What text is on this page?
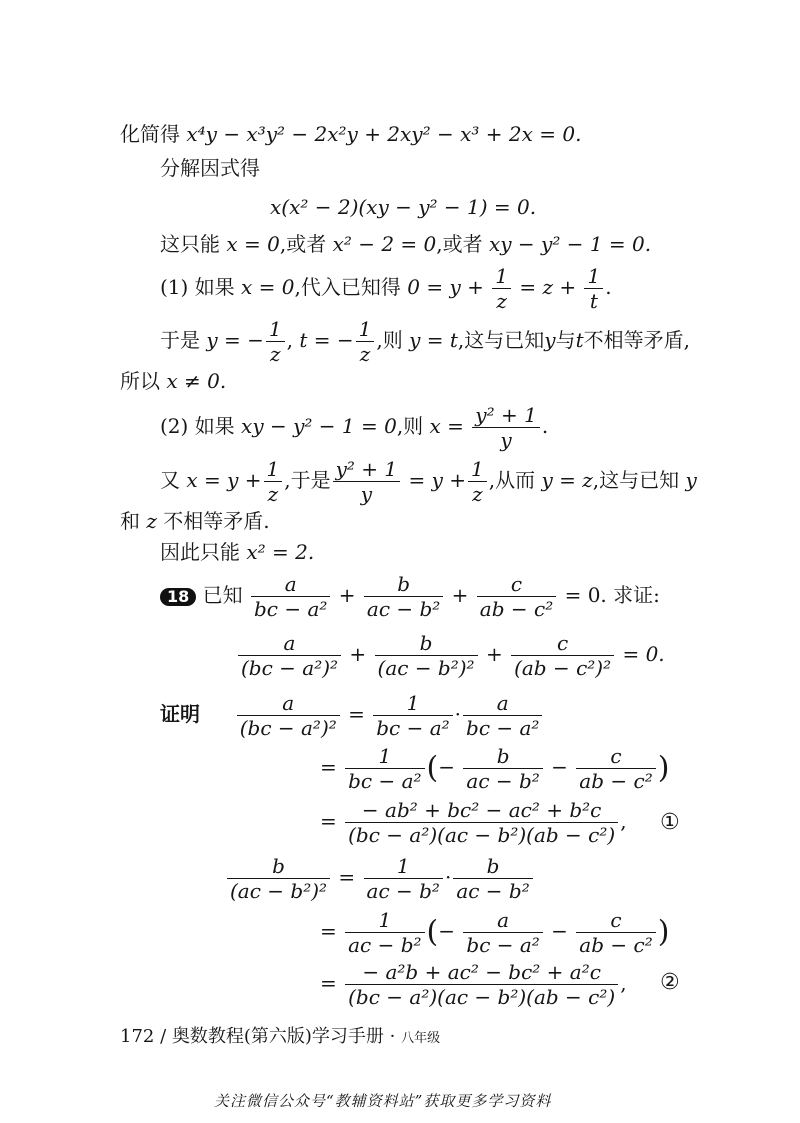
化简得 x⁴y − x³y² − 2x²y + 2xy² − x³ + 2x = 0.
分解因式得
x(x² − 2)(xy − y² − 1) = 0.
这只能 x = 0,或者 x² − 2 = 0,或者 xy − y² − 1 = 0.
(1) 如果 x = 0,代入已知得 $0 = y + \frac{1}{z} = z + \frac{1}{t}$ .
于是 y = − $\frac{1}{z}$ , t = − $\frac{1}{z}$ ,则 y = t,这与已知y与t不相等矛盾,
所以 x ≠ 0.
(2) 如果 xy − y² − 1 = 0,则 $x = \frac{\text{y² + 1}}{y}$ .
又 $x = y + \frac{1}{z}$ ,于是 $\frac{\text{y² + 1}}{y} = y + \frac{1}{z}$ ,从而 y = z,这与已知 y
和 z 不相等矛盾.
因此只能 x² = 2.
18 已知 $\frac{a}{\text{bc − a²}} + \frac{b}{\text{ac − b²}} + \frac{c}{\text{ab − c²}} = 0$. 求证:
$\frac{a}{\text{(bc − a²)²}} + \frac{b}{\text{(ac − b²)²}} + \frac{c}{\text{(ab − c²)²}} = 0$.
证明 $\frac{a}{\text{(bc − a²)²}} = \frac{1}{\text{bc − a²}} \cdot \frac{a}{\text{bc − a²}}$
= $\frac{1}{\text{bc − a²}}$ (− $\frac{b}{\text{ac − b²}} - \frac{c}{\text{ab − c²}}$ )
= $\frac{\text{− ab² + bc² − ac² + b²c}}{\text{(bc − a²)(ac − b²)(ab − c²)}}$ , ①
$\frac{b}{\text{(ac − b²)²}} = \frac{1}{\text{ac − b²}} \cdot \frac{b}{\text{ac − b²}}$
= $\frac{1}{\text{ac − b²}}$ (− $\frac{a}{\text{bc − a²}} - \frac{c}{\text{ab − c²}}$ )
= $\frac{\text{− a²b + ac² − bc² + a²c}}{\text{(bc − a²)(ac − b²)(ab − c²)}}$ , ②
172 / 奥数教程(第六版)学习手册 · 八年级
关注微信公众号“教辅资料站”获取更多学习资料
